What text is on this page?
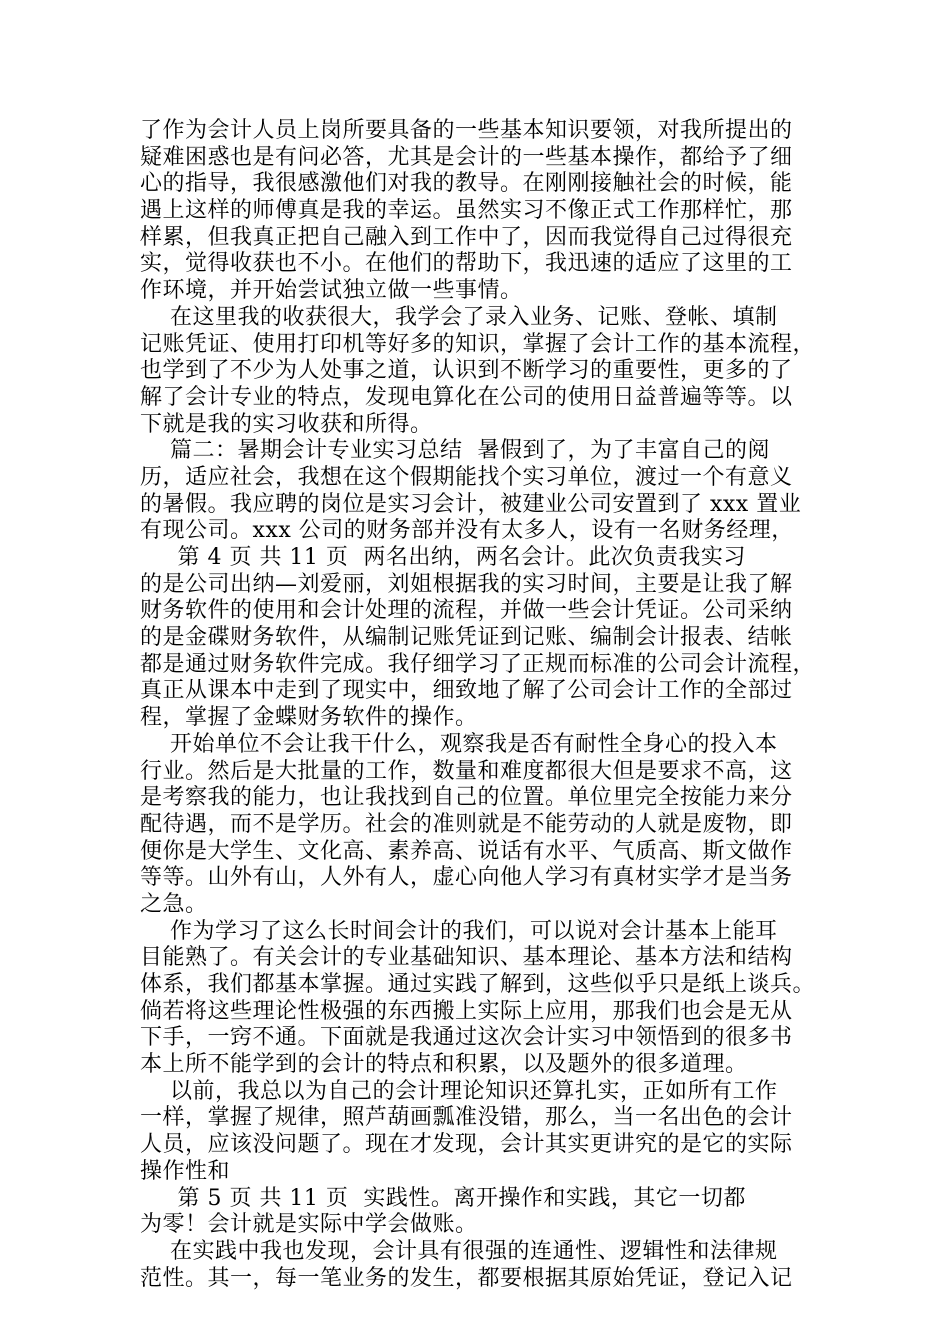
了作为会计人员上岗所要具备的一些基本知识要领，对我所提出的
疑难困惑也是有问必答，尤其是会计的一些基本操作，都给予了细
心的指导，我很感激他们对我的教导。在刚刚接触社会的时候，能
遇上这样的师傅真是我的幸运。虽然实习不像正式工作那样忙，那
样累，但我真正把自己融入到工作中了，因而我觉得自己过得很充
实，觉得收获也不小。在他们的帮助下，我迅速的适应了这里的工
作环境，并开始尝试独立做一些事情。
在这里我的收获很大，我学会了录入业务、记账、登帐、填制
记账凭证、使用打印机等好多的知识，掌握了会计工作的基本流程，
也学到了不少为人处事之道，认识到不断学习的重要性，更多的了
解了会计专业的特点，发现电算化在公司的使用日益普遍等等。以
下就是我的实习收获和所得。
篇二：暑期会计专业实习总结  暑假到了，为了丰富自己的阅
历，适应社会，我想在这个假期能找个实习单位，渡过一个有意义
的暑假。我应聘的岗位是实习会计，被建业公司安置到了 xxx 置业
有现公司。xxx 公司的财务部并没有太多人，设有一名财务经理，
第 4 页 共 11 页  两名出纳，两名会计。此次负责我实习
的是公司出纳—刘爱丽，刘姐根据我的实习时间，主要是让我了解
财务软件的使用和会计处理的流程，并做一些会计凭证。公司采纳
的是金碟财务软件，从编制记账凭证到记账、编制会计报表、结帐
都是通过财务软件完成。我仔细学习了正规而标准的公司会计流程，
真正从课本中走到了现实中，细致地了解了公司会计工作的全部过
程，掌握了金蝶财务软件的操作。
开始单位不会让我干什么，观察我是否有耐性全身心的投入本
行业。然后是大批量的工作，数量和难度都很大但是要求不高，这
是考察我的能力，也让我找到自己的位置。单位里完全按能力来分
配待遇，而不是学历。社会的准则就是不能劳动的人就是废物，即
便你是大学生、文化高、素养高、说话有水平、气质高、斯文做作
等等。山外有山，人外有人，虚心向他人学习有真材实学才是当务
之急。
作为学习了这么长时间会计的我们，可以说对会计基本上能耳
目能熟了。有关会计的专业基础知识、基本理论、基本方法和结构
体系，我们都基本掌握。通过实践了解到，这些似乎只是纸上谈兵。
倘若将这些理论性极强的东西搬上实际上应用，那我们也会是无从
下手，一窍不通。下面就是我通过这次会计实习中领悟到的很多书
本上所不能学到的会计的特点和积累，以及题外的很多道理。
以前，我总以为自己的会计理论知识还算扎实，正如所有工作
一样，掌握了规律，照芦葫画瓢准没错，那么，当一名出色的会计
人员，应该没问题了。现在才发现，会计其实更讲究的是它的实际
操作性和
第 5 页 共 11 页  实践性。离开操作和实践，其它一切都
为零！会计就是实际中学会做账。
在实践中我也发现，会计具有很强的连通性、逻辑性和法律规
范性。其一，每一笔业务的发生，都要根据其原始凭证，登记入记
